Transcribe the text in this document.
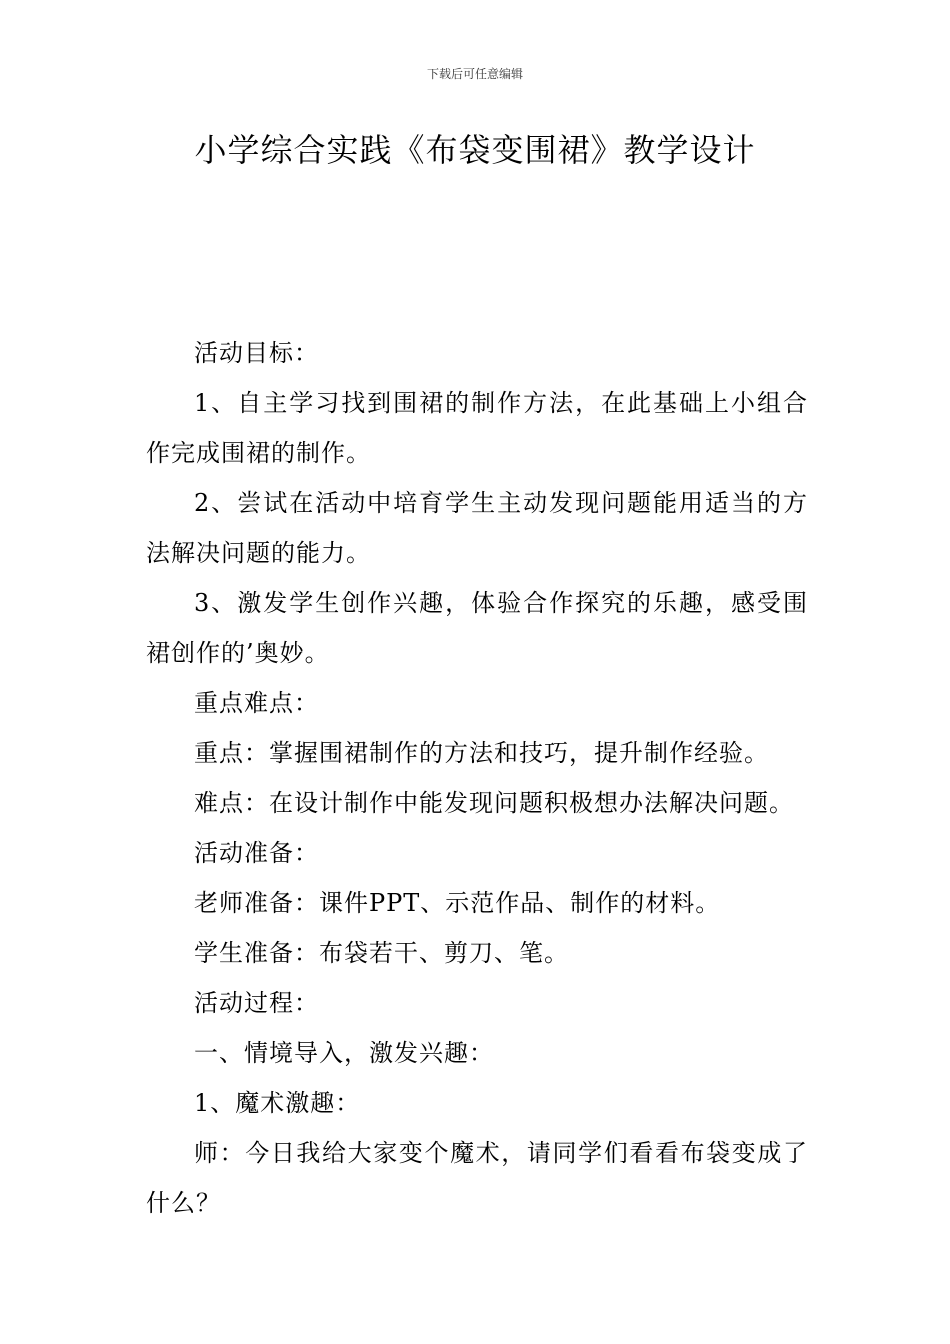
下载后可任意编辑
小学综合实践《布袋变围裙》教学设计

活动目标：

1、自主学习找到围裙的制作方法，在此基础上小组合作完成围裙的制作。

2、尝试在活动中培育学生主动发现问题能用适当的方法解决问题的能力。

3、激发学生创作兴趣，体验合作探究的乐趣，感受围裙创作的’奥妙。

重点难点：

重点：掌握围裙制作的方法和技巧，提升制作经验。

难点：在设计制作中能发现问题积极想办法解决问题。

活动准备：

老师准备：课件PPT、示范作品、制作的材料。

学生准备：布袋若干、剪刀、笔。

活动过程：

一、情境导入，激发兴趣：

1、魔术激趣：

师：今日我给大家变个魔术，请同学们看看布袋变成了什么？
